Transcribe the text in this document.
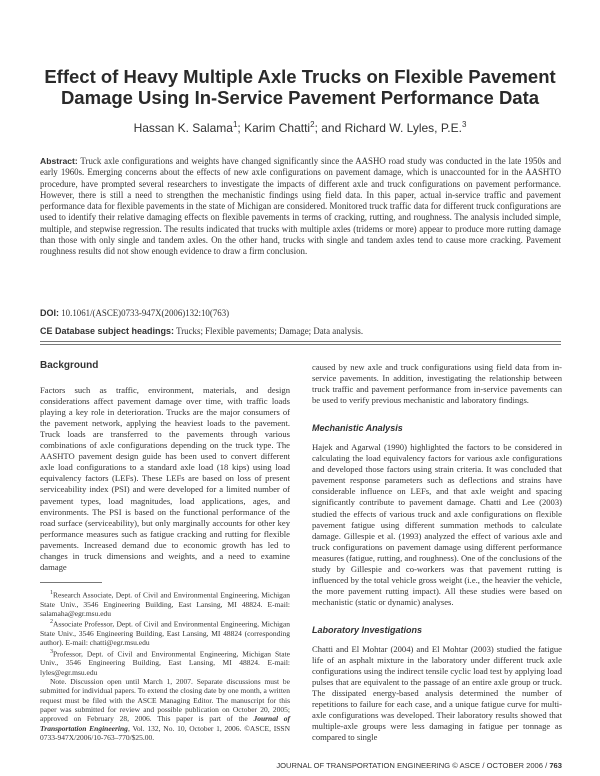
Effect of Heavy Multiple Axle Trucks on Flexible Pavement Damage Using In-Service Pavement Performance Data
Hassan K. Salama$^1$; Karim Chatti$^2$; and Richard W. Lyles, P.E.$^3$
Abstract: Truck axle configurations and weights have changed significantly since the AASHO road study was conducted in the late 1950s and early 1960s. Emerging concerns about the effects of new axle configurations on pavement damage, which is unaccounted for in the AASHTO procedure, have prompted several researchers to investigate the impacts of different axle and truck configurations on pavement performance. However, there is still a need to strengthen the mechanistic findings using field data. In this paper, actual in-service traffic and pavement performance data for flexible pavements in the state of Michigan are considered. Monitored truck traffic data for different truck configurations are used to identify their relative damaging effects on flexible pavements in terms of cracking, rutting, and roughness. The analysis included simple, multiple, and stepwise regression. The results indicated that trucks with multiple axles (tridems or more) appear to produce more rutting damage than those with only single and tandem axles. On the other hand, trucks with single and tandem axles tend to cause more cracking. Pavement roughness results did not show enough evidence to draw a firm conclusion.
DOI: 10.1061/(ASCE)0733-947X(2006)132:10(763)
CE Database subject headings: Trucks; Flexible pavements; Damage; Data analysis.
Background

Factors such as traffic, environment, materials, and design considerations affect pavement damage over time, with traffic loads playing a key role in deterioration. Trucks are the major consumers of the pavement network, applying the heaviest loads to the pavement. Truck loads are transferred to the pavements through various combinations of axle configurations depending on the truck type. The AASHTO pavement design guide has been used to convert different axle load configurations to a standard axle load (18 kips) using load equivalency factors (LEFs). These LEFs are based on loss of present serviceability index (PSI) and were developed for a limited number of pavement types, load magnitudes, load applications, ages, and environments. The PSI is based on the functional performance of the road surface (serviceability), but only marginally accounts for other key performance measures such as fatigue cracking and rutting for flexible pavements. Increased demand due to economic growth has led to changes in truck dimensions and weights, and a need to examine damage

$^1$Research Associate, Dept. of Civil and Environmental Engineering, Michigan State Univ., 3546 Engineering Building, East Lansing, MI 48824. E-mail: salamaha@egr.msu.edu

$^2$Associate Professor, Dept. of Civil and Environmental Engineering, Michigan State Univ., 3546 Engineering Building, East Lansing, MI 48824 (corresponding author). E-mail: chatti@egr.msu.edu

$^3$Professor, Dept. of Civil and Environmental Engineering, Michigan State Univ., 3546 Engineering Building, East Lansing, MI 48824. E-mail: lyles@egr.msu.edu

Note. Discussion open until March 1, 2007. Separate discussions must be submitted for individual papers. To extend the closing date by one month, a written request must be filed with the ASCE Managing Editor. The manuscript for this paper was submitted for review and possible publication on October 20, 2005; approved on February 28, 2006. This paper is part of the Journal of Transportation Engineering, Vol. 132, No. 10, October 1, 2006. ©ASCE, ISSN 0733-947X/2006/10-763–770/$25.00.

caused by new axle and truck configurations using field data from in-service pavements. In addition, investigating the relationship between truck traffic and pavement performance from in-service pavements can be used to verify previous mechanistic and laboratory findings.

Mechanistic Analysis

Hajek and Agarwal (1990) highlighted the factors to be considered in calculating the load equivalency factors for various axle configurations and developed those factors using strain criteria. It was concluded that pavement response parameters such as deflections and strains have considerable influence on LEFs, and that axle weight and spacing significantly contribute to pavement damage. Chatti and Lee (2003) studied the effects of various truck and axle configurations on flexible pavement fatigue using different summation methods to calculate damage. Gillespie et al. (1993) analyzed the effect of various axle and truck configurations on pavement damage using different performance measures (fatigue, rutting, and roughness). One of the conclusions of the study by Gillespie and co-workers was that pavement rutting is influenced by the total vehicle gross weight (i.e., the heavier the vehicle, the more pavement rutting impact). All these studies were based on mechanistic (static or dynamic) analyses.

Laboratory Investigations

Chatti and El Mohtar (2004) and El Mohtar (2003) studied the fatigue life of an asphalt mixture in the laboratory under different truck axle configurations using the indirect tensile cyclic load test by applying load pulses that are equivalent to the passage of an entire axle group or truck. The dissipated energy-based analysis determined the number of repetitions to failure for each case, and a unique fatigue curve for multi-axle configurations was developed. Their laboratory results showed that multiple-axle groups were less damaging in fatigue per tonnage as compared to single

JOURNAL OF TRANSPORTATION ENGINEERING © ASCE / OCTOBER 2006 / 763
